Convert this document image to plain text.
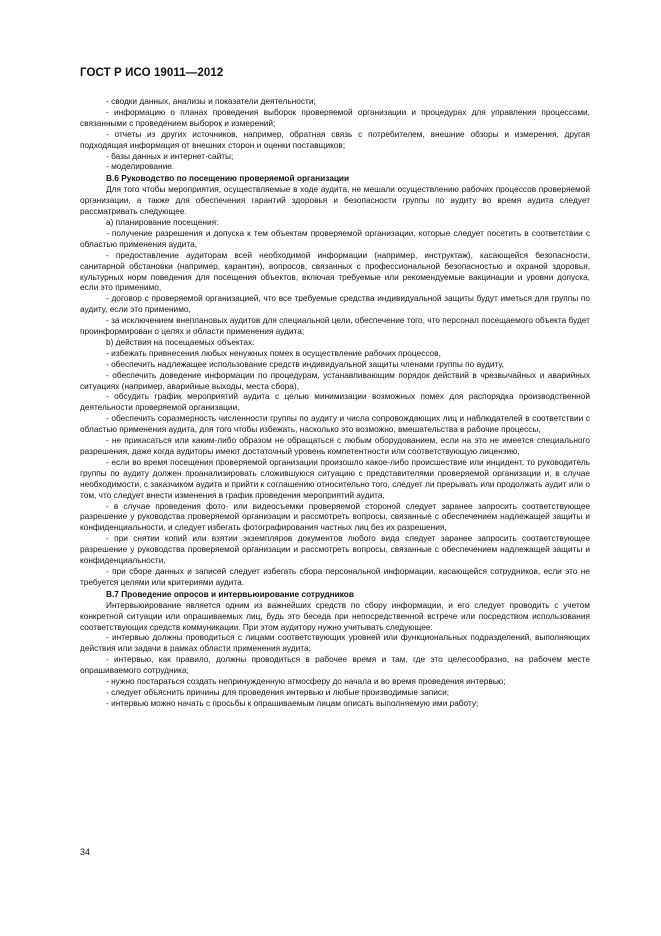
ГОСТ Р ИСО 19011—2012

- сводки данных, анализы и показатели деятельности;

- информацию о планах проведения выборок проверяемой организации и процедурах для управления процессами, связанными с проведением выборок и измерений;

- отчеты из других источников, например, обратная связь с потребителем, внешние обзоры и измерения, другая подходящая информация от внешних сторон и оценки поставщиков;

- базы данных и интернет-сайты;

- моделирование.

В.6 Руководство по посещению проверяемой организации

Для того чтобы мероприятия, осуществляемые в ходе аудита, не мешали осуществлению рабочих процессов проверяемой организации, а также для обеспечения гарантий здоровья и безопасности группы по аудиту во время аудита следует рассматривать следующее.

а) планирование посещения:

- получение разрешения и допуска к тем объектам проверяемой организации, которые следует посетить в соответствии с областью применения аудита,

- предоставление аудиторам всей необходимой информации (например, инструктаж), касающейся безопасности, санитарной обстановки (например, карантин), вопросов, связанных с профессиональной безопасностью и охраной здоровья, культурных норм поведения для посещения объектов, включая требуемые или рекомендуемые вакцинации и уровни допуска, если это применимо,

- договор с проверяемой организацией, что все требуемые средства индивидуальной защиты будут иметься для группы по аудиту, если это применимо,

- за исключением внеплановых аудитов для специальной цели, обеспечение того, что персонал посещаемого объекта будет проинформирован о целях и области применения аудита;

b) действия на посещаемых объектах:

- избежать привнесения любых ненужных помех в осуществление рабочих процессов,

- обеспечить надлежащее использование средств индивидуальной защиты членами группы по аудиту,

- обеспечить доведение информации по процедурам, устанавливающим порядок действий в чрезвычайных и аварийных ситуациях (например, аварийные выходы, места сбора),

- обсудить график мероприятий аудита с целью минимизации возможных помех для распорядка производственной деятельности проверяемой организации,

- обеспечить соразмерность численности группы по аудиту и числа сопровождающих лиц и наблюдателей в соответствии с областью применения аудита, для того чтобы избежать, насколько это возможно, вмешательства в рабочие процессы,

- не прикасаться или каким-либо образом не обращаться с любым оборудованием, если на это не имеется специального разрешения, даже когда аудиторы имеют достаточный уровень компетентности или соответствующую лицензию,

- если во время посещения проверяемой организации произошло какое-либо происшествие или инцидент, то руководитель группы по аудиту должен проанализировать сложившуюся ситуацию с представителями проверяемой организации и, в случае необходимости, с заказчиком аудита и прийти к соглашению относительно того, следует ли прерывать или продолжать аудит или о том, что следует внести изменения в график проведения мероприятий аудита,

- в случае проведения фото- или видеосъемки проверяемой стороной следует заранее запросить соответствующее разрешение у руководства проверяемой организации и рассмотреть вопросы, связанные с обеспечением надлежащей защиты и конфиденциальности, и следует избегать фотографирования частных лиц без их разрешения,

- при снятии копий или взятии экземпляров документов любого вида следует заранее запросить соответствующее разрешение у руководства проверяемой организации и рассмотреть вопросы, связанные с обеспечением надлежащей защиты и конфиденциальности,

- при сборе данных и записей следует избегать сбора персональной информации, касающейся сотрудников, если это не требуется целями или критериями аудита.

В.7 Проведение опросов и интервьюирование сотрудников

Интервьюирование является одним из важнейших средств по сбору информации, и его следует проводить с учетом конкретной ситуации или опрашиваемых лиц, будь это беседа при непосредственной встрече или посредством использования соответствующих средств коммуникации. При этом аудитору нужно учитывать следующее:

- интервью должны проводиться с лицами соответствующих уровней или функциональных подразделений, выполняющих действия или задачи в рамках области применения аудита;

- интервью, как правило, должны проводиться в рабочее время и там, где это целесообразно, на рабочем месте опрашиваемого сотрудника;

- нужно постараться создать непринужденную атмосферу до начала и во время проведения интервью;

- следует объяснить причины для проведения интервью и любые производимые записи;

- интервью можно начать с просьбы к опрашиваемым лицам описать выполняемую ими работу;

34
